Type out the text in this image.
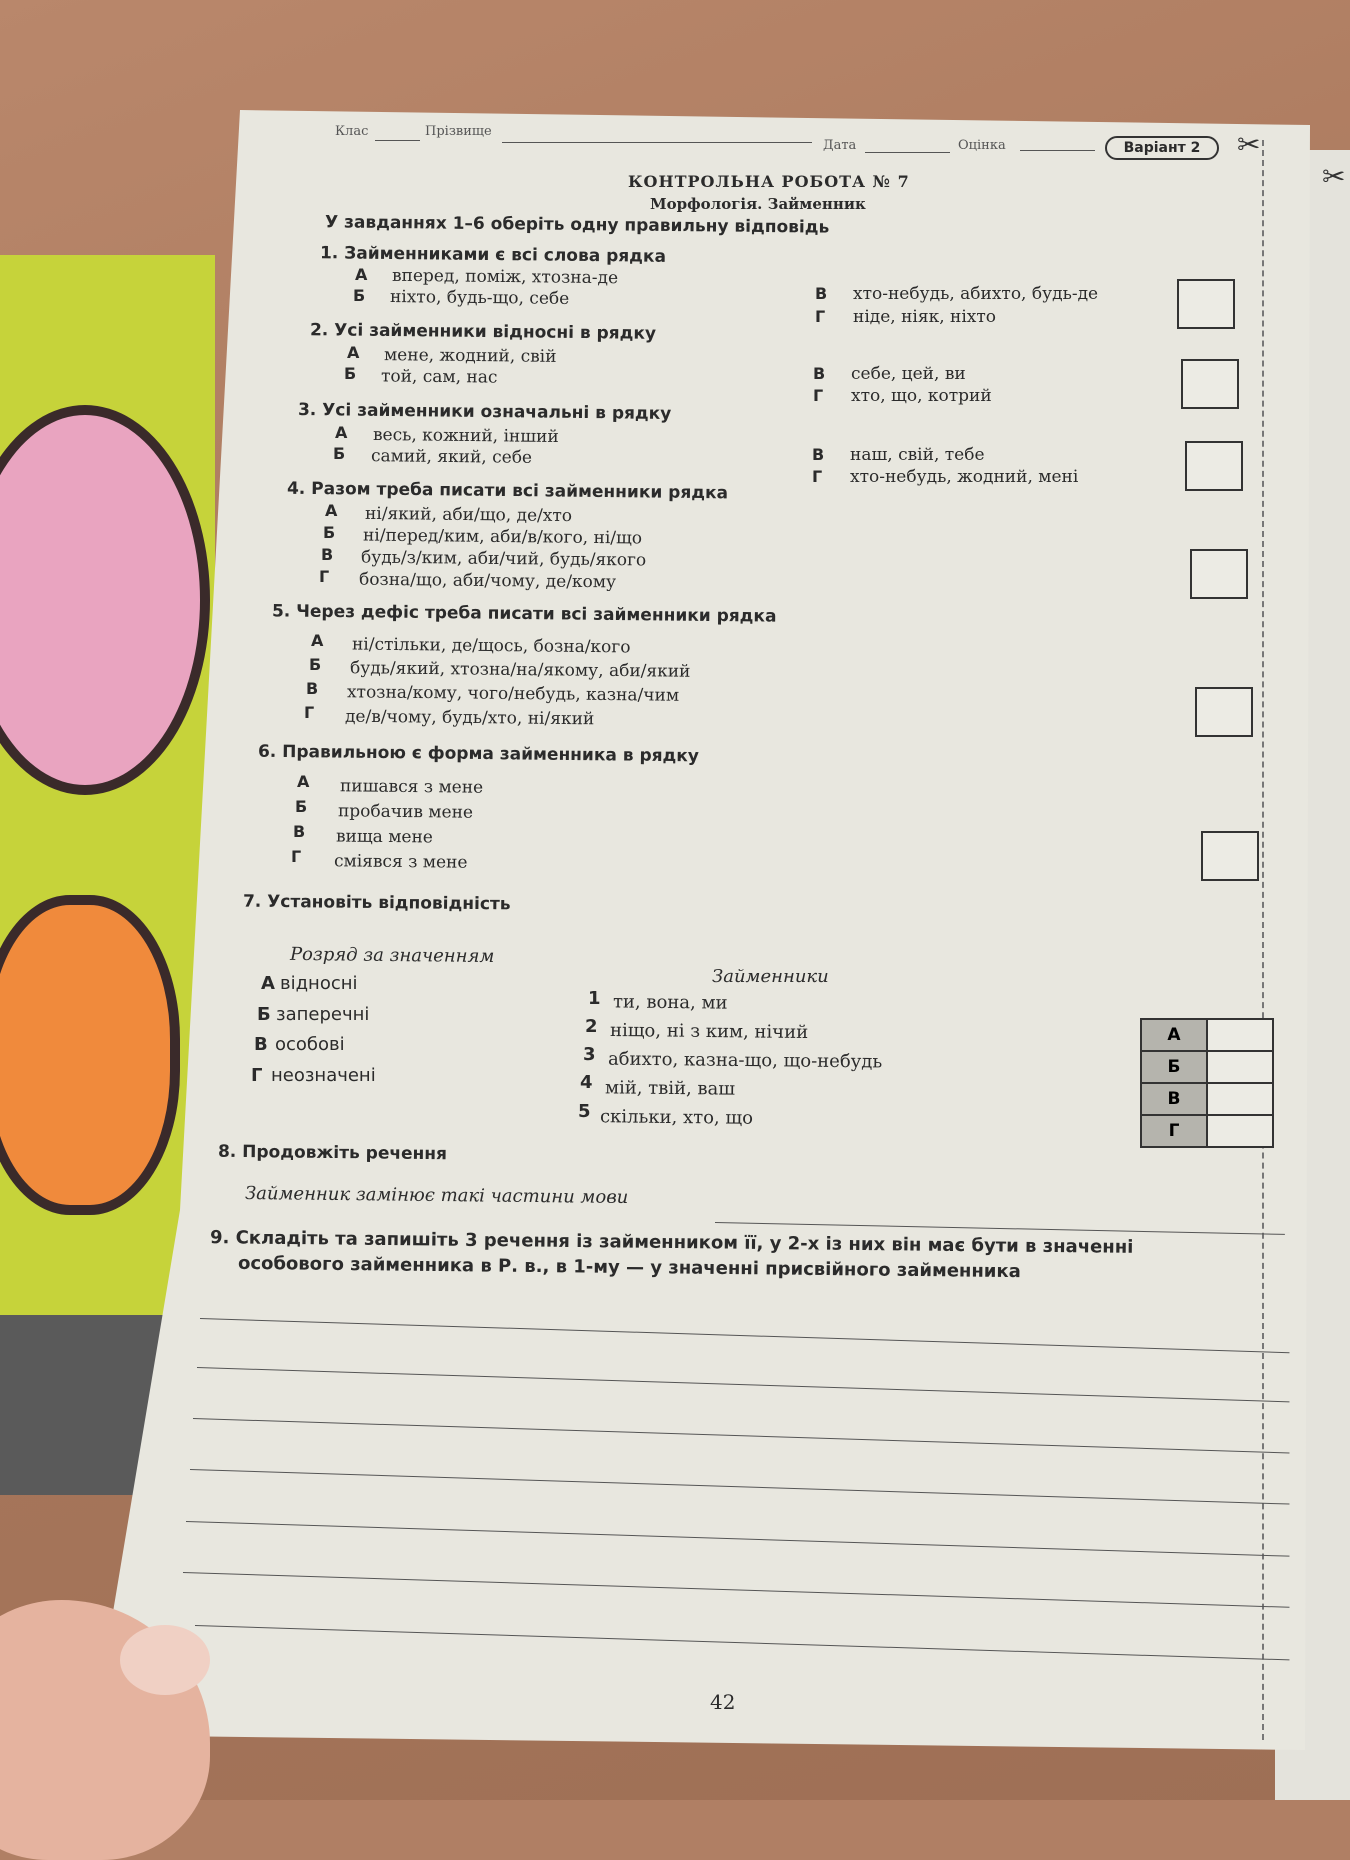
Клас	Прізвище
Дата	Оцінка	Варіант 2	✂
✂
КОНТРОЛЬНА РОБОТА № 7
Морфологія. Займенник
У завданнях 1–6 оберіть одну правильну відповідь
1. Займенниками є всі слова рядка
А вперед, поміж, хтозна-де
Б ніхто, будь-що, себе	В хто-небудь, абихто, будь-де
Г ніде, ніяк, ніхто
2. Усі займенники відносні в рядку
А мене, жодний, свій
Б той, сам, нас	В себе, цей, ви
Г хто, що, котрий
3. Усі займенники означальні в рядку
А весь, кожний, інший
Б самий, який, себе	В наш, свій, тебе
Г хто-небудь, жодний, мені
4. Разом треба писати всі займенники рядка
А ні/який, аби/що, де/хто
Б ні/перед/ким, аби/в/кого, ні/що
В будь/з/ким, аби/чий, будь/якого
Г бозна/що, аби/чому, де/кому
5. Через дефіс треба писати всі займенники рядка
А ні/стільки, де/щось, бозна/кого
Б будь/який, хтозна/на/якому, аби/який
В хтозна/кому, чого/небудь, казна/чим
Г де/в/чому, будь/хто, ні/який
6. Правильною є форма займенника в рядку
А пишався з мене
Б пробачив мене
В вища мене
Г сміявся з мене
7. Установіть відповідність
Розряд за значенням
А відносні
Б заперечні
В особові
Г неозначені
Займенники
1 ти, вона, ми
2 ніщо, ні з ким, нічий
3 абихто, казна-що, що-небудь
4 мій, твій, ваш
5 скільки, хто, що
А	
Б	
В	
Г	
8. Продовжіть речення
Займенник замінює такі частини мови
9. Складіть та запишіть 3 речення із займенником її, у 2-х із них він має бути в значенні
особового займенника в Р. в., в 1-му — у значенні присвійного займенника
42
